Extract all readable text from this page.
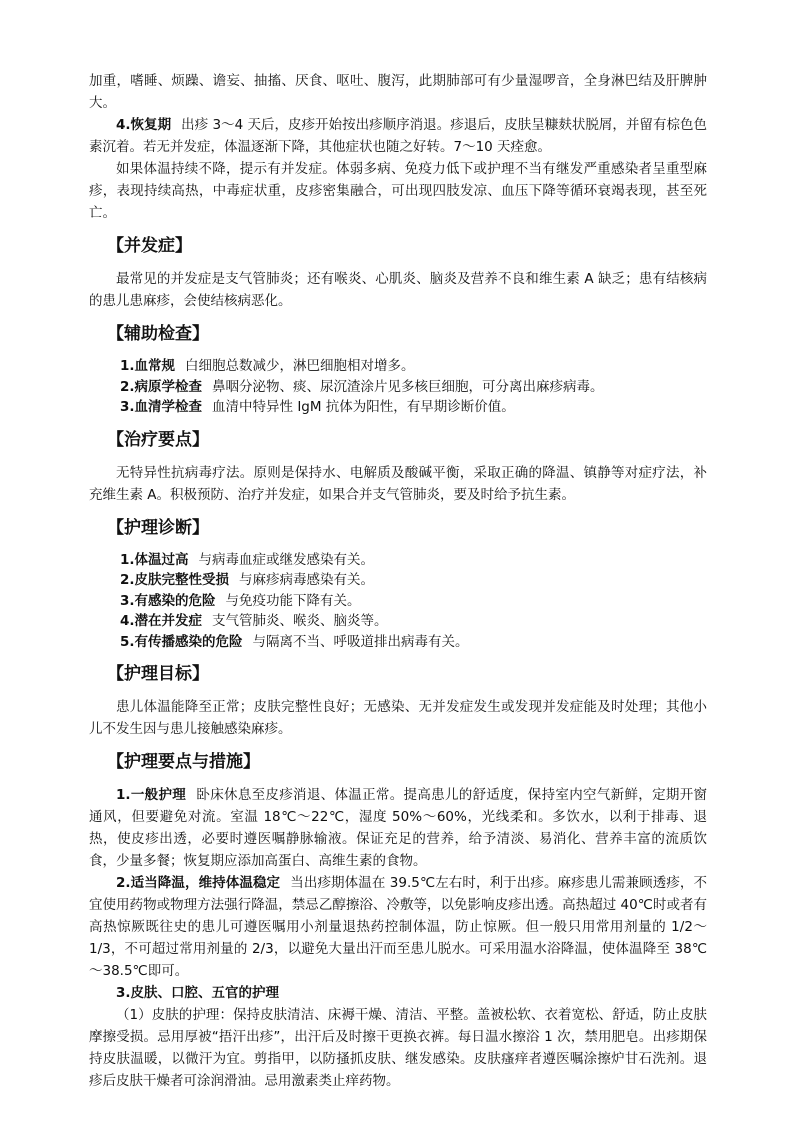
加重，嗜睡、烦躁、谵妄、抽搐、厌食、呕吐、腹泻，此期肺部可有少量湿啰音，全身淋巴结及肝脾肿大。

4.恢复期 出疹 3～4 天后，皮疹开始按出疹顺序消退。疹退后，皮肤呈糠麸状脱屑，并留有棕色色素沉着。若无并发症，体温逐渐下降，其他症状也随之好转。7～10 天痊愈。

如果体温持续不降，提示有并发症。体弱多病、免疫力低下或护理不当有继发严重感染者呈重型麻疹，表现持续高热，中毒症状重，皮疹密集融合，可出现四肢发凉、血压下降等循环衰竭表现，甚至死亡。

【并发症】

最常见的并发症是支气管肺炎；还有喉炎、心肌炎、脑炎及营养不良和维生素 A 缺乏；患有结核病的患儿患麻疹，会使结核病恶化。

【辅助检查】

1.血常规 白细胞总数减少，淋巴细胞相对增多。

2.病原学检查 鼻咽分泌物、痰、尿沉渣涂片见多核巨细胞，可分离出麻疹病毒。

3.血清学检查 血清中特异性 IgM 抗体为阳性，有早期诊断价值。

【治疗要点】

无特异性抗病毒疗法。原则是保持水、电解质及酸碱平衡，采取正确的降温、镇静等对症疗法，补充维生素 A。积极预防、治疗并发症，如果合并支气管肺炎，要及时给予抗生素。

【护理诊断】

1.体温过高 与病毒血症或继发感染有关。

2.皮肤完整性受损 与麻疹病毒感染有关。

3.有感染的危险 与免疫功能下降有关。

4.潜在并发症 支气管肺炎、喉炎、脑炎等。

5.有传播感染的危险 与隔离不当、呼吸道排出病毒有关。

【护理目标】

患儿体温能降至正常；皮肤完整性良好；无感染、无并发症发生或发现并发症能及时处理；其他小儿不发生因与患儿接触感染麻疹。

【护理要点与措施】

1.一般护理 卧床休息至皮疹消退、体温正常。提高患儿的舒适度，保持室内空气新鲜，定期开窗通风，但要避免对流。室温 18℃～22℃，湿度 50%～60%，光线柔和。多饮水，以利于排毒、退热，使皮疹出透，必要时遵医嘱静脉输液。保证充足的营养，给予清淡、易消化、营养丰富的流质饮食，少量多餐；恢复期应添加高蛋白、高维生素的食物。

2.适当降温，维持体温稳定 当出疹期体温在 39.5℃左右时，利于出疹。麻疹患儿需兼顾透疹，不宜使用药物或物理方法强行降温，禁忌乙醇擦浴、冷敷等，以免影响皮疹出透。高热超过 40℃时或者有高热惊厥既往史的患儿可遵医嘱用小剂量退热药控制体温，防止惊厥。但一般只用常用剂量的 1/2～1/3，不可超过常用剂量的 2/3，以避免大量出汗而至患儿脱水。可采用温水浴降温，使体温降至 38℃～38.5℃即可。

3.皮肤、口腔、五官的护理

（1）皮肤的护理：保持皮肤清洁、床褥干燥、清洁、平整。盖被松软、衣着宽松、舒适，防止皮肤摩擦受损。忌用厚被“捂汗出疹”，出汗后及时擦干更换衣裤。每日温水擦浴 1 次，禁用肥皂。出疹期保持皮肤温暖，以微汗为宜。剪指甲，以防搔抓皮肤、继发感染。皮肤瘙痒者遵医嘱涂擦炉甘石洗剂。退疹后皮肤干燥者可涂润滑油。忌用激素类止痒药物。
